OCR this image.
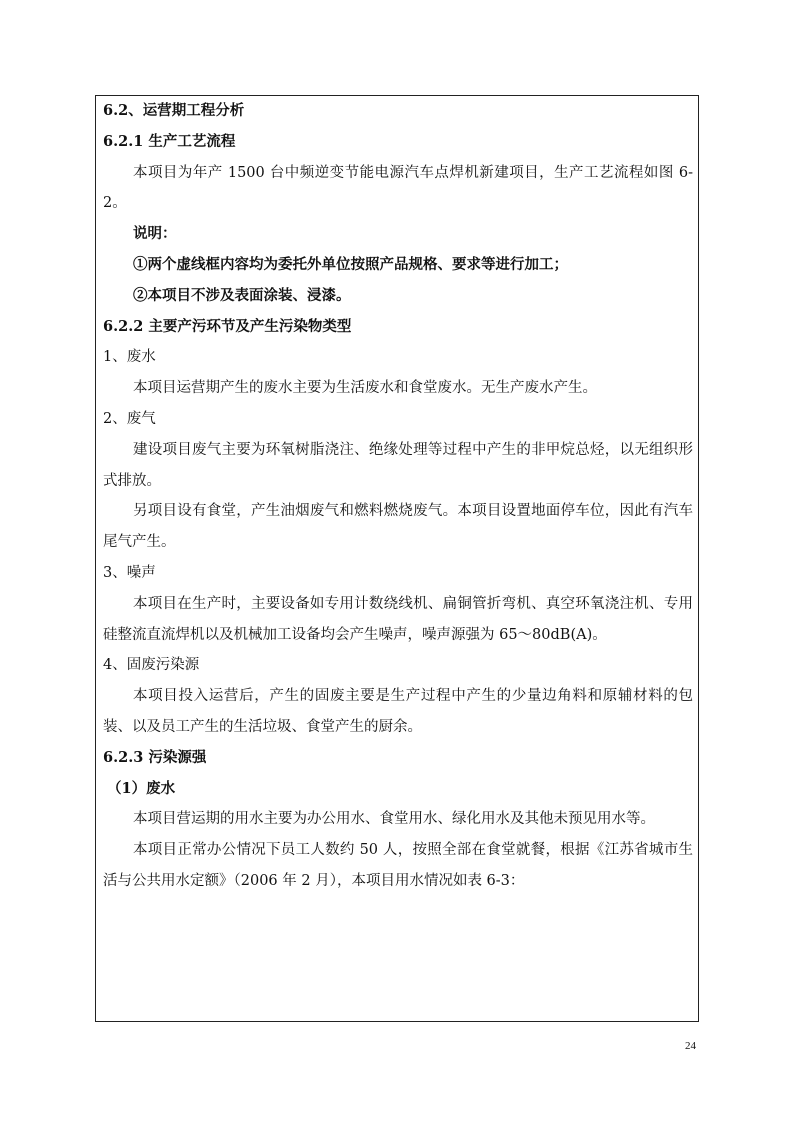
6.2、运营期工程分析

6.2.1 生产工艺流程

本项目为年产 1500 台中频逆变节能电源汽车点焊机新建项目，生产工艺流程如图 6-2。

说明：

①两个虚线框内容均为委托外单位按照产品规格、要求等进行加工；

②本项目不涉及表面涂装、浸漆。

6.2.2 主要产污环节及产生污染物类型

1、废水

本项目运营期产生的废水主要为生活废水和食堂废水。无生产废水产生。

2、废气

建设项目废气主要为环氧树脂浇注、绝缘处理等过程中产生的非甲烷总烃，以无组织形式排放。

另项目设有食堂，产生油烟废气和燃料燃烧废气。本项目设置地面停车位，因此有汽车尾气产生。

3、噪声

本项目在生产时，主要设备如专用计数绕线机、扁铜管折弯机、真空环氧浇注机、专用硅整流直流焊机以及机械加工设备均会产生噪声，噪声源强为 65～80dB(A)。

4、固废污染源

本项目投入运营后，产生的固废主要是生产过程中产生的少量边角料和原辅材料的包装、以及员工产生的生活垃圾、食堂产生的厨余。

6.2.3 污染源强

（1）废水

本项目营运期的用水主要为办公用水、食堂用水、绿化用水及其他未预见用水等。

本项目正常办公情况下员工人数约 50 人，按照全部在食堂就餐，根据《江苏省城市生活与公共用水定额》（2006 年 2 月），本项目用水情况如表 6-3：

24
